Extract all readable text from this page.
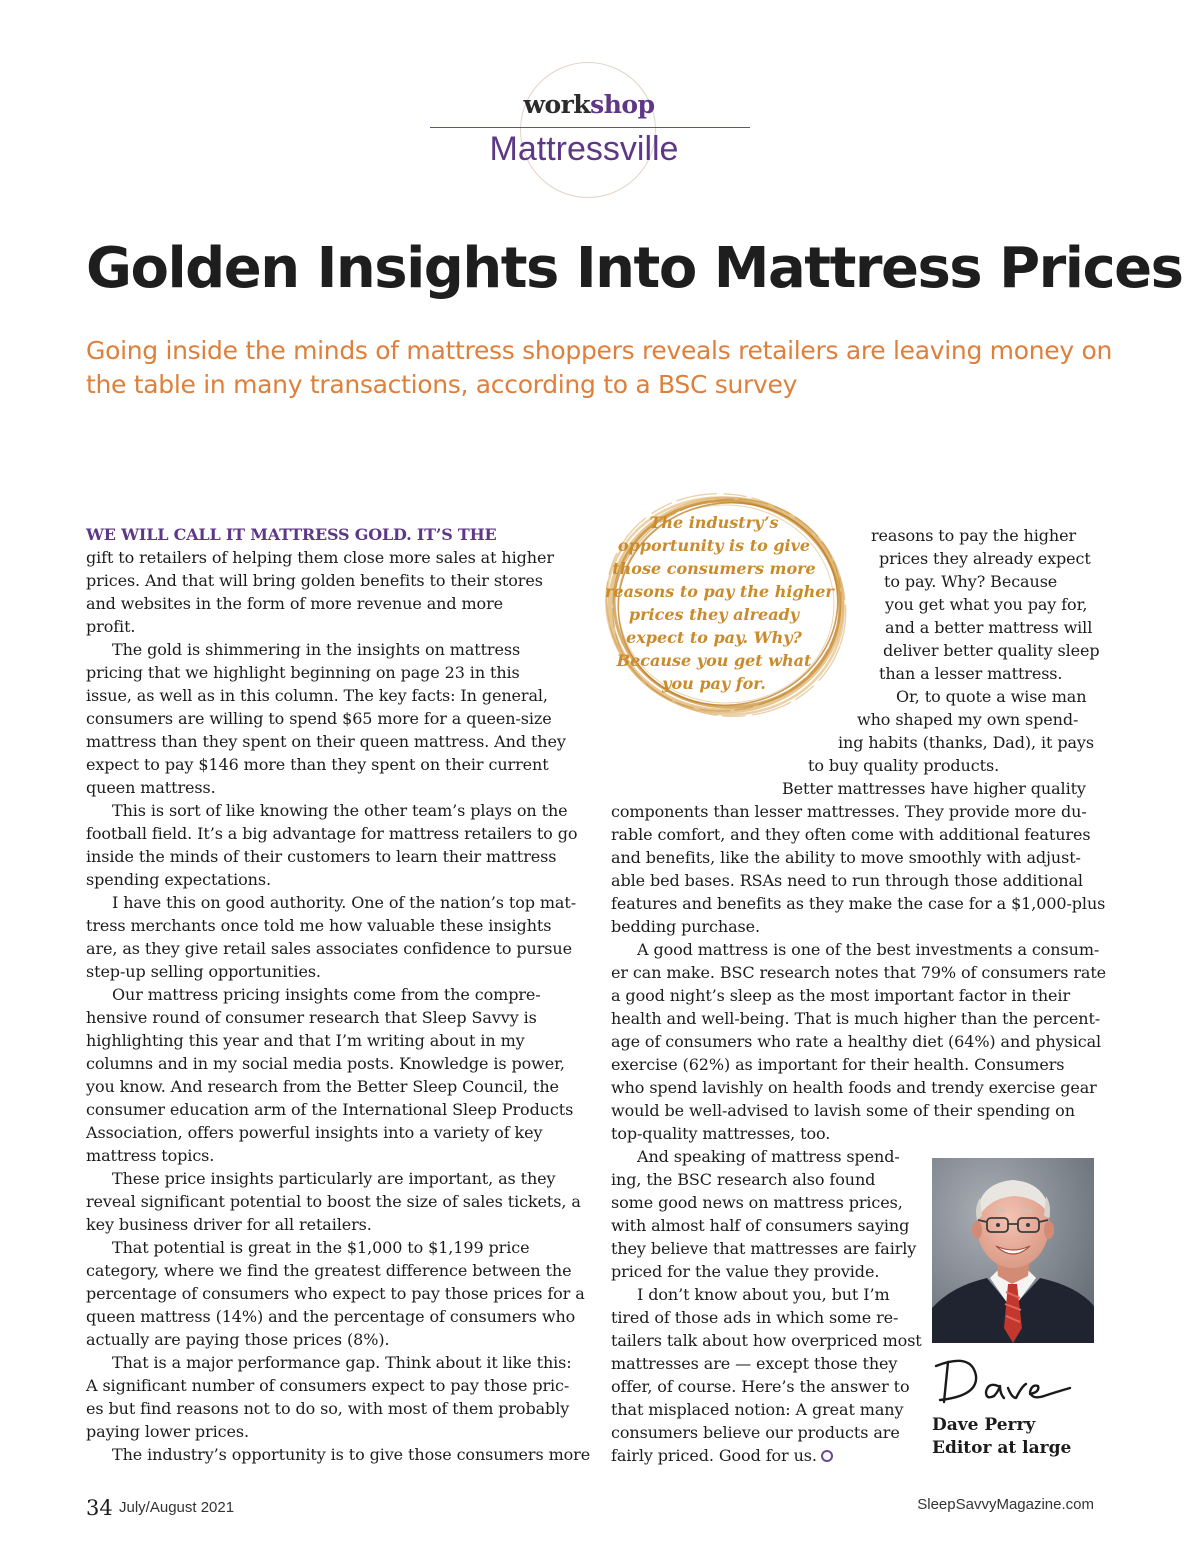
workshop
Mattressville
Golden Insights Into Mattress Prices
Going inside the minds of mattress shoppers reveals retailers are leaving money on the table in many transactions, according to a BSC survey
WE WILL CALL IT MATTRESS GOLD. IT’S THE
gift to retailers of helping them close more sales at higher
prices. And that will bring golden benefits to their stores
and websites in the form of more revenue and more
profit.
The gold is shimmering in the insights on mattress
pricing that we highlight beginning on page 23 in this
issue, as well as in this column. The key facts: In general,
consumers are willing to spend $65 more for a queen-size
mattress than they spent on their queen mattress. And they
expect to pay $146 more than they spent on their current
queen mattress.
This is sort of like knowing the other team’s plays on the
football field. It’s a big advantage for mattress retailers to go
inside the minds of their customers to learn their mattress
spending expectations.
I have this on good authority. One of the nation’s top mat-
tress merchants once told me how valuable these insights
are, as they give retail sales associates confidence to pursue
step-up selling opportunities.
Our mattress pricing insights come from the compre-
hensive round of consumer research that Sleep Savvy is
highlighting this year and that I’m writing about in my
columns and in my social media posts. Knowledge is power,
you know. And research from the Better Sleep Council, the
consumer education arm of the International Sleep Products
Association, offers powerful insights into a variety of key
mattress topics.
These price insights particularly are important, as they
reveal significant potential to boost the size of sales tickets, a
key business driver for all retailers.
That potential is great in the $1,000 to $1,199 price
category, where we find the greatest difference between the
percentage of consumers who expect to pay those prices for a
queen mattress (14%) and the percentage of consumers who
actually are paying those prices (8%).
That is a major performance gap. Think about it like this:
A significant number of consumers expect to pay those pric-
es but find reasons not to do so, with most of them probably
paying lower prices.
The industry’s opportunity is to give those consumers more
The industry’s
opportunity is to give
those consumers more
reasons to pay the higher
prices they already
expect to pay. Why?
Because you get what
you pay for.
reasons to pay the higher
prices they already expect
to pay. Why? Because
you get what you pay for,
and a better mattress will
deliver better quality sleep
than a lesser mattress.
Or, to quote a wise man
who shaped my own spend-
ing habits (thanks, Dad), it pays
to buy quality products.
Better mattresses have higher quality
components than lesser mattresses. They provide more du-
rable comfort, and they often come with additional features
and benefits, like the ability to move smoothly with adjust-
able bed bases. RSAs need to run through those additional
features and benefits as they make the case for a $1,000-plus
bedding purchase.
A good mattress is one of the best investments a consum-
er can make. BSC research notes that 79% of consumers rate
a good night’s sleep as the most important factor in their
health and well-being. That is much higher than the percent-
age of consumers who rate a healthy diet (64%) and physical
exercise (62%) as important for their health. Consumers
who spend lavishly on health foods and trendy exercise gear
would be well-advised to lavish some of their spending on
top-quality mattresses, too.
And speaking of mattress spend-
ing, the BSC research also found
some good news on mattress prices,
with almost half of consumers saying
they believe that mattresses are fairly
priced for the value they provide.
I don’t know about you, but I’m
tired of those ads in which some re-
tailers talk about how overpriced most
mattresses are — except those they
offer, of course. Here’s the answer to
that misplaced notion: A great many
consumers believe our products are
fairly priced. Good for us.
Dave Perry
Editor at large
34 July/August 2021	SleepSavvyMagazine.com
